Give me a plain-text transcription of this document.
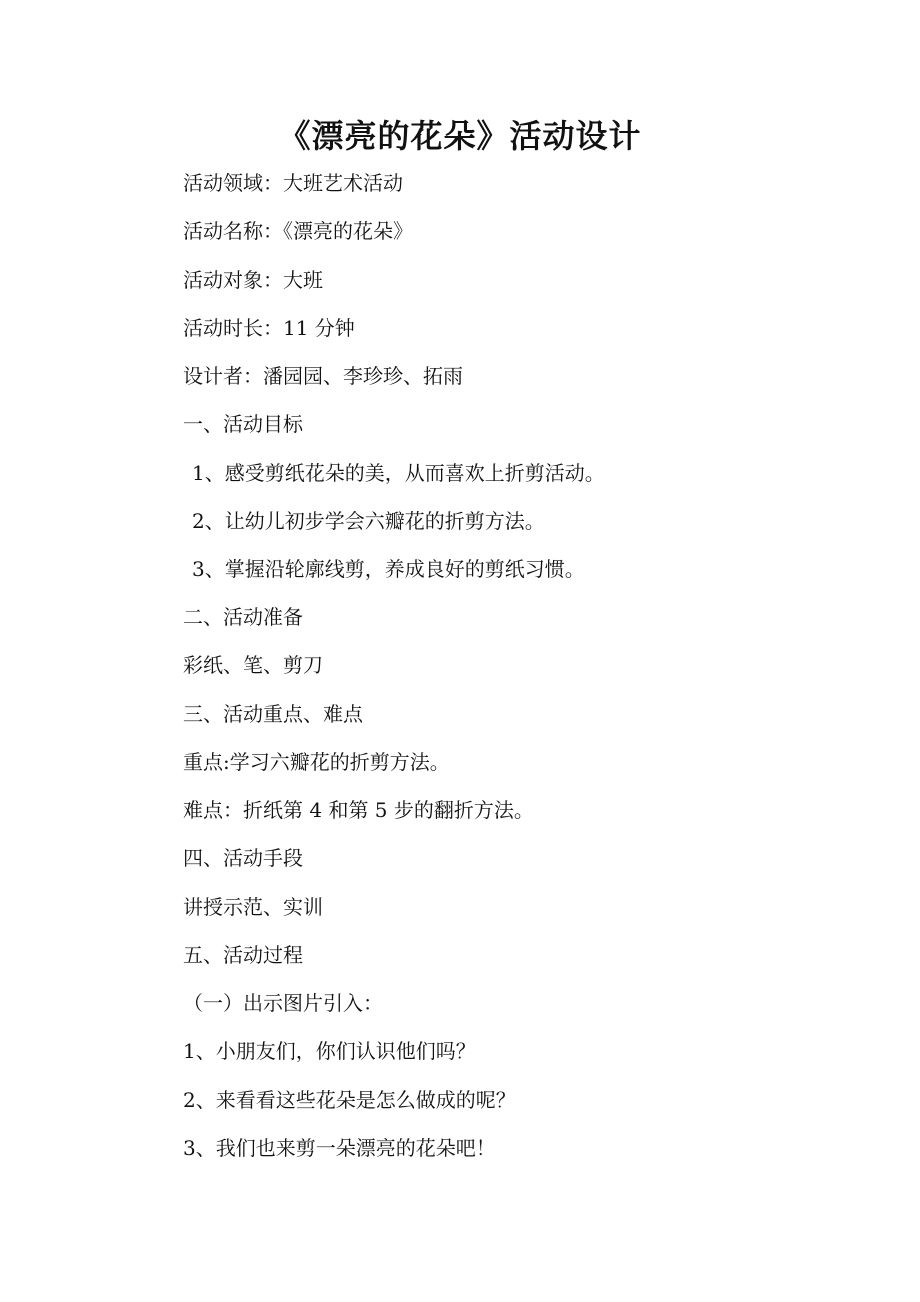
《漂亮的花朵》活动设计
活动领域：大班艺术活动
活动名称：《漂亮的花朵》
活动对象：大班
活动时长：11 分钟
设计者：潘园园、李珍珍、拓雨
一、活动目标
1、感受剪纸花朵的美，从而喜欢上折剪活动。
2、让幼儿初步学会六瓣花的折剪方法。
3、掌握沿轮廓线剪，养成良好的剪纸习惯。
二、活动准备
彩纸、笔、剪刀
三、活动重点、难点
重点:学习六瓣花的折剪方法。
难点：折纸第 4 和第 5 步的翻折方法。
四、活动手段
讲授示范、实训
五、活动过程
（一）出示图片引入：
1、小朋友们，你们认识他们吗？
2、来看看这些花朵是怎么做成的呢？
3、我们也来剪一朵漂亮的花朵吧！
